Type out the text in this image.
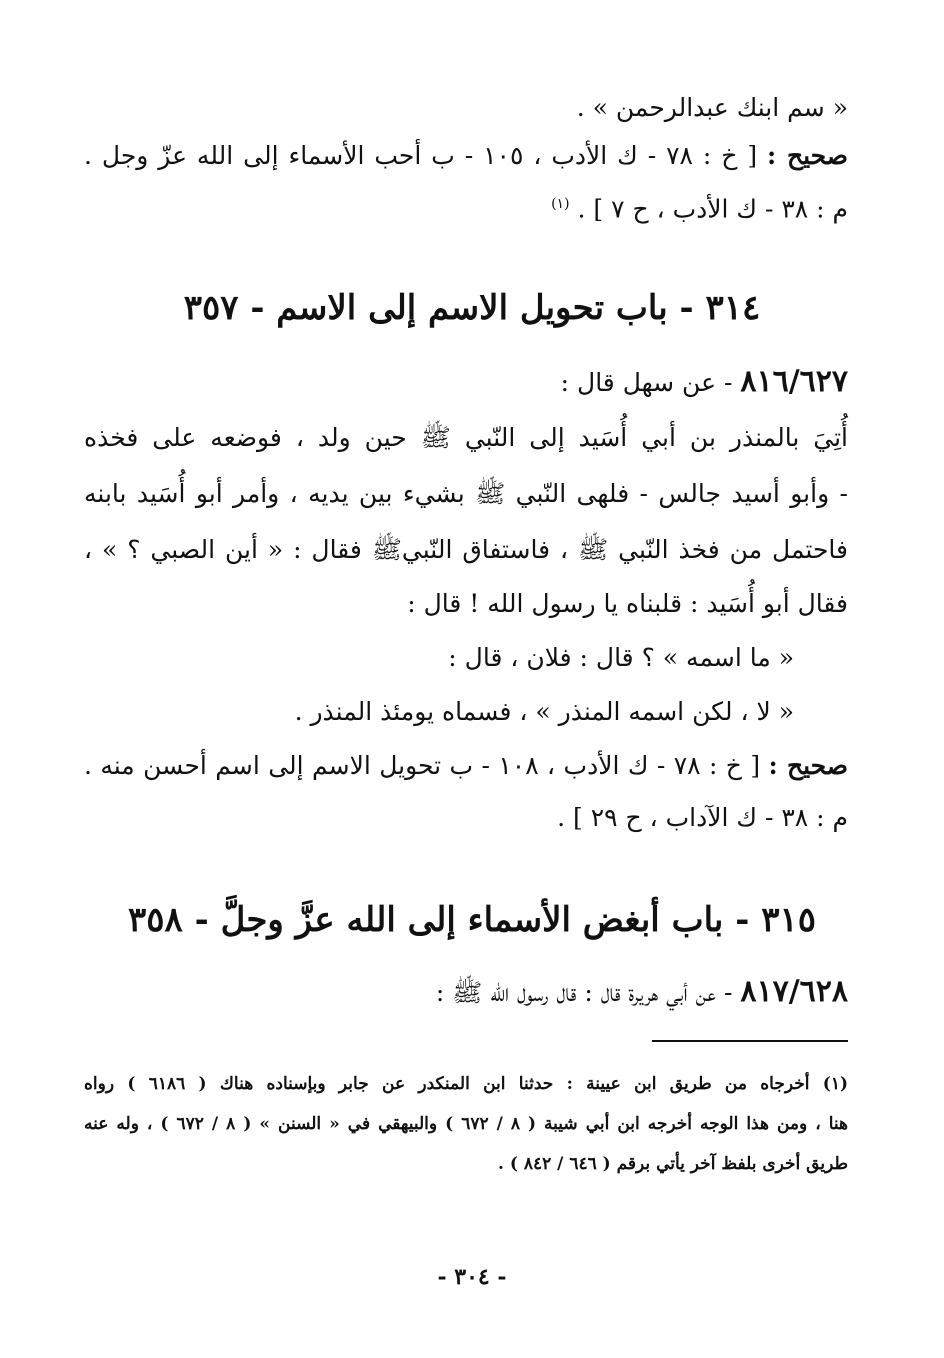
« سم ابنك عبدالرحمن » .
صحيح : [ خ : ٧٨ - ك الأدب ، ١٠٥ - ب أحب الأسماء إلى الله عزّ وجل .
م : ٣٨ - ك الأدب ، ح ٧ ] . $^{(١)}$
٣١٤ - باب تحويل الاسم إلى الاسم - ٣٥٧
٨١٦/٦٢٧ - عن سهل قال :
أُتِيَ بالمنذر بن أبي أُسَيد إلى النّبي ﷺ حين ولد ، فوضعه على فخذه
- وأبو أسيد جالس - فلهى النّبي ﷺ بشيء بين يديه ، وأمر أبو أُسَيد بابنه
فاحتمل من فخذ النّبي ﷺ ، فاستفاق النّبيﷺ فقال : « أين الصبي ؟ » ،
فقال أبو أُسَيد : قلبناه يا رسول الله ! قال :
« ما اسمه » ؟ قال : فلان ، قال :
« لا ، لكن اسمه المنذر » ، فسماه يومئذ المنذر .
صحيح : [ خ : ٧٨ - ك الأدب ، ١٠٨ - ب تحويل الاسم إلى اسم أحسن منه .
م : ٣٨ - ك الآداب ، ح ٢٩ ] .
٣١٥ - باب أبغض الأسماء إلى الله عزَّ وجلَّ - ٣٥٨
٨١٧/٦٢٨ - عن أبي هريرة قال : قال رسول الله ﷺ :
(١) أخرجاه من طريق ابن عيينة : حدثنا ابن المنكدر عن جابر وبإسناده هناك ( ٦١٨٦ ) رواه
هنا ، ومن هذا الوجه أخرجه ابن أبي شيبة ( ٨ / ٦٧٢ ) والبيهقي في « السنن » ( ٨ / ٦٧٢ ) ، وله عنه
طريق أخرى بلفظ آخر يأتي برقم ( ٦٤٦ / ٨٤٢ ) .
- ٣٠٤ -
